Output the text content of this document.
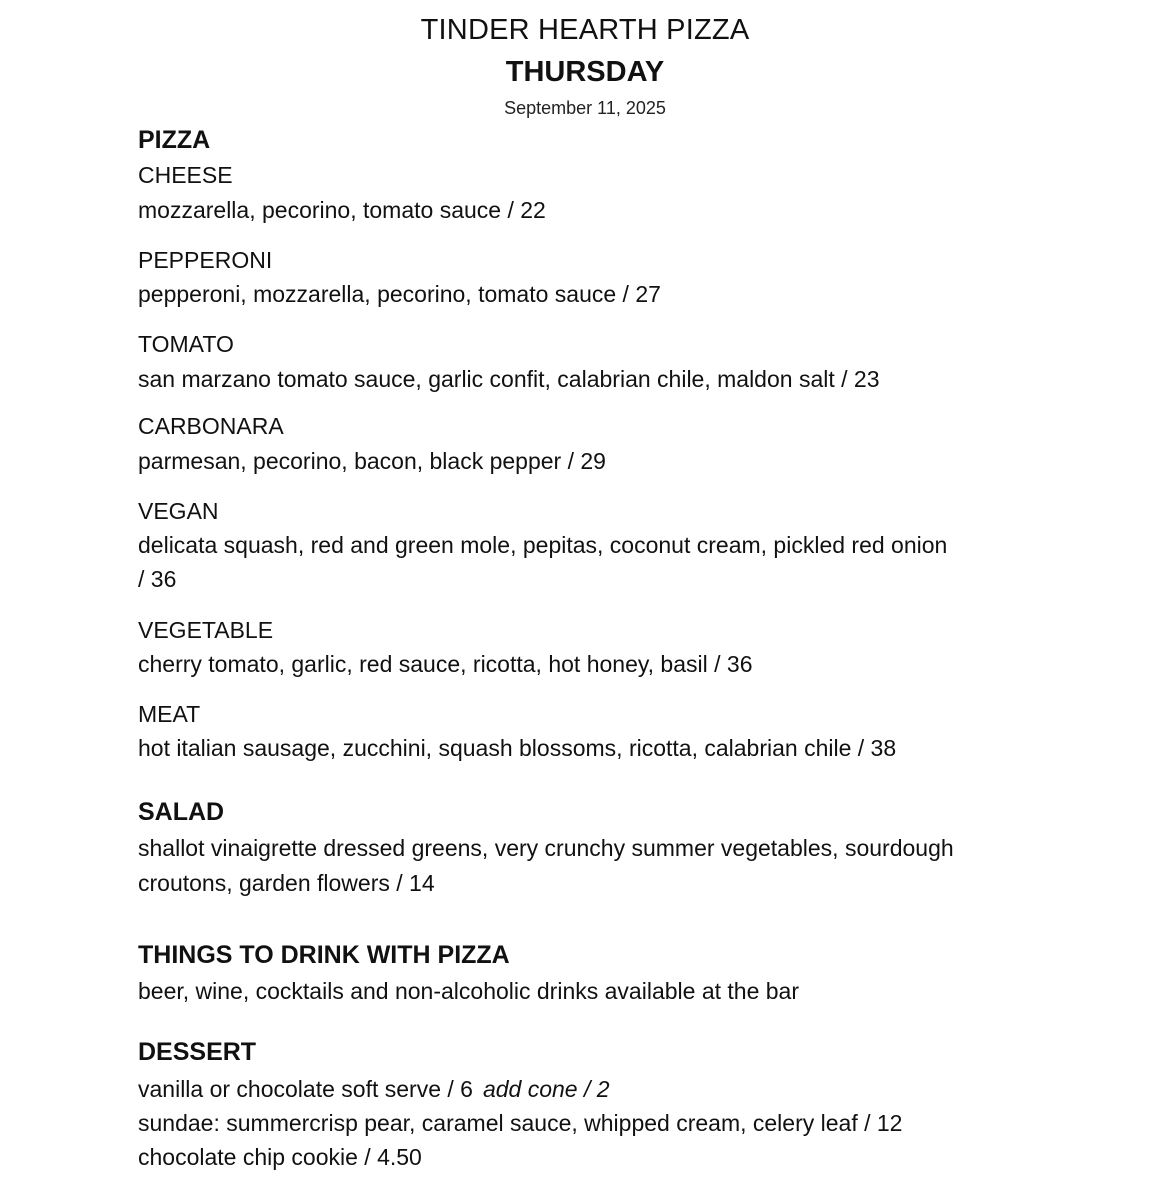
TINDER HEARTH PIZZA
THURSDAY
September 11, 2025
PIZZA
CHEESE
mozzarella, pecorino, tomato sauce / 22
PEPPERONI
pepperoni, mozzarella, pecorino, tomato sauce / 27
TOMATO
san marzano tomato sauce, garlic confit, calabrian chile, maldon salt / 23
CARBONARA
parmesan, pecorino, bacon, black pepper / 29
VEGAN
delicata squash, red and green mole, pepitas, coconut cream, pickled red onion
/ 36
VEGETABLE
cherry tomato, garlic, red sauce, ricotta, hot honey, basil / 36
MEAT
hot italian sausage, zucchini, squash blossoms, ricotta, calabrian chile / 38
SALAD
shallot vinaigrette dressed greens, very crunchy summer vegetables, sourdough
croutons, garden flowers / 14
THINGS TO DRINK WITH PIZZA
beer, wine, cocktails and non-alcoholic drinks available at the bar
DESSERT
vanilla or chocolate soft serve / 6 add cone / 2
sundae: summercrisp pear, caramel sauce, whipped cream, celery leaf / 12
chocolate chip cookie / 4.50
